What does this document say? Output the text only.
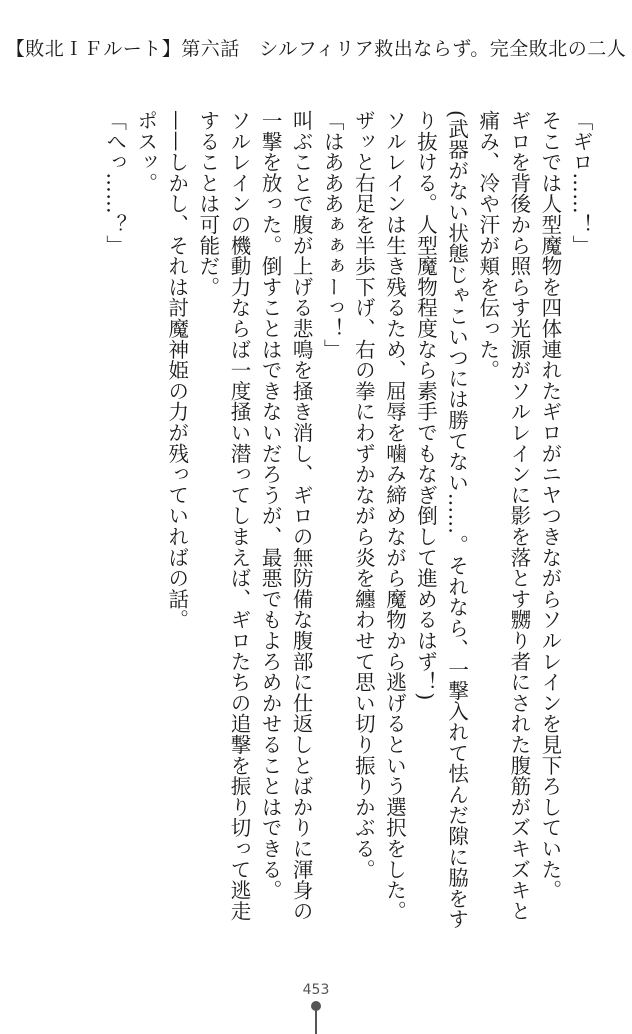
【敗北ＩＦルート】第六話　シルフィリア救出ならず。完全敗北の二人

「ギロ……！」

そこでは人型魔物を四体連れたギロがニヤつきながらソルレインを見下ろしていた。

ギロを背後から照らす光源がソルレインに影を落とす嬲り者にされた腹筋がズキズキと

痛み、冷や汗が頬を伝った。

(武器がない状態じゃこいつには勝てない……。それなら、一撃入れて怯んだ隙に脇をす

り抜ける。人型魔物程度なら素手でもなぎ倒して進めるはず！)

ソルレインは生き残るため、屈辱を噛み締めながら魔物から逃げるという選択をした。

ザッと右足を半歩下げ、右の拳にわずかながら炎を纏わせて思い切り振りかぶる。

「はあああぁぁぁーっ！」

叫ぶことで腹が上げる悲鳴を掻き消し、ギロの無防備な腹部に仕返しとばかりに渾身の

一撃を放った。倒すことはできないだろうが、最悪でもよろめかせることはできる。

ソルレインの機動力ならば一度掻い潜ってしまえば、ギロたちの追撃を振り切って逃走

することは可能だ。

——しかし、それは討魔神姫の力が残っていればの話。

ポスッ。

「へっ……？」

453
